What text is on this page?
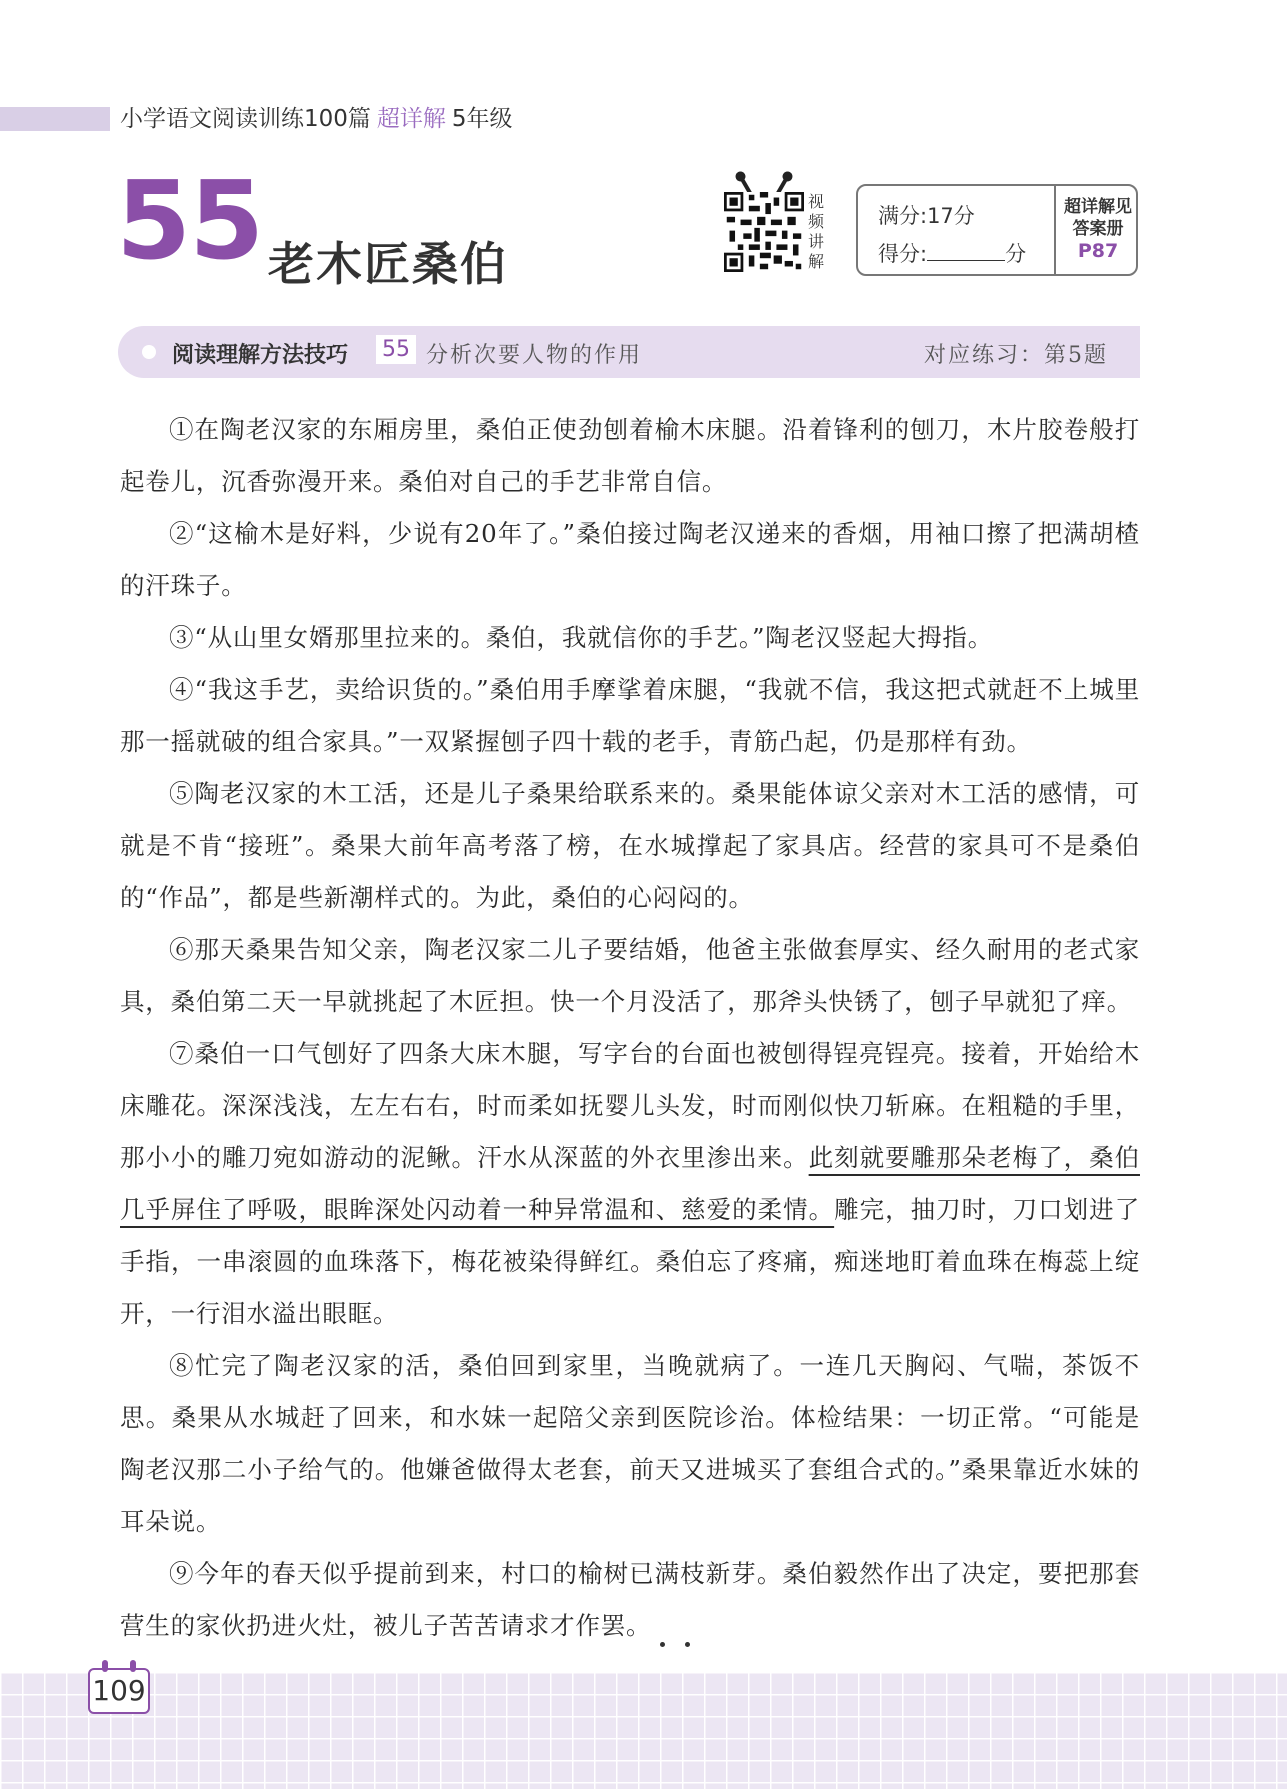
小学语文阅读训练100篇 超详解 5年级
55 老木匠桑伯
视频讲解
满分:17分
得分:	分
超详解见
答案册
P87
阅读理解方法技巧 55 分析次要人物的作用	对应练习：第5题

①在陶老汉家的东厢房里，桑伯正使劲刨着榆木床腿。沿着锋利的刨刀，木片胶卷般打起卷儿，沉香弥漫开来。桑伯对自己的手艺非常自信。

②“这榆木是好料，少说有20年了。”桑伯接过陶老汉递来的香烟，用袖口擦了把满胡楂的汗珠子。

③“从山里女婿那里拉来的。桑伯，我就信你的手艺。”陶老汉竖起大拇指。

④“我这手艺，卖给识货的。”桑伯用手摩挲着床腿，“我就不信，我这把式就赶不上城里那一摇就破的组合家具。”一双紧握刨子四十载的老手，青筋凸起，仍是那样有劲。

⑤陶老汉家的木工活，还是儿子桑果给联系来的。桑果能体谅父亲对木工活的感情，可就是不肯“接班”。桑果大前年高考落了榜，在水城撑起了家具店。经营的家具可不是桑伯的“作品”，都是些新潮样式的。为此，桑伯的心闷闷的。

⑥那天桑果告知父亲，陶老汉家二儿子要结婚，他爸主张做套厚实、经久耐用的老式家具，桑伯第二天一早就挑起了木匠担。快一个月没活了，那斧头快锈了，刨子早就犯了痒。

⑦桑伯一口气刨好了四条大床木腿，写字台的台面也被刨得锃亮锃亮。接着，开始给木床雕花。深深浅浅，左左右右，时而柔如抚婴儿头发，时而刚似快刀斩麻。在粗糙的手里，那小小的雕刀宛如游动的泥鳅。汗水从深蓝的外衣里渗出来。此刻就要雕那朵老梅了，桑伯几乎屏住了呼吸，眼眸深处闪动着一种异常温和、慈爱的柔情。雕完，抽刀时，刀口划进了手指，一串滚圆的血珠落下，梅花被染得鲜红。桑伯忘了疼痛，痴迷地盯着血珠在梅蕊上绽开，一行泪水溢出眼眶。

⑧忙完了陶老汉家的活，桑伯回到家里，当晚就病了。一连几天胸闷、气喘，茶饭不思。桑果从水城赶了回来，和水妹一起陪父亲到医院诊治。体检结果：一切正常。“可能是陶老汉那二小子给气的。他嫌爸做得太老套，前天又进城买了套组合式的。”桑果靠近水妹的耳朵说。

⑨今年的春天似乎提前到来，村口的榆树已满枝新芽。桑伯毅然作出了决定，要把那套营生的家伙扔进火灶，被儿子苦苦请求才作罢。

109
